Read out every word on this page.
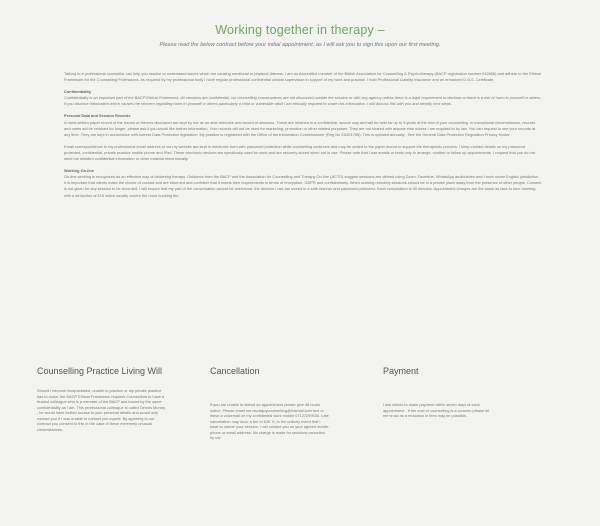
Working together in therapy –
Please read the below contract before your initial appointment, as I will ask you to sign this upon our first meeting.

Talking to a professional counsellor can help you resolve or understand issues which are causing emotional or physical distress. I am an Accredited member of the British Association for Counselling & Psychotherapy (BACP registration number 042856) and adhere to the Ethical Framework for the Counselling Professions. As required by my professional body I have regular professional confidential clinical supervision in support of my work and practice. I hold Professional Liability Insurance and an enhanced D.B.S. Certificate.

Confidentiality

Confidentiality is an important part of the BACP Ethical Framework. All sessions are confidential, our counselling conversations are not discussed outside the session or with any agency unless there is a legal requirement to disclose or there is a risk of harm to yourself or others. If you disclose information which causes me concern regarding harm to yourself or others particularly a child or vulnerable adult I am ethically required to share this information. I will discuss this with you and identify next steps.

Personal Data and Session Records

A hand-written paper record of the issues or themes discussed are kept by me as an aide-memoire and record of sessions. These are retained in a confidential, secure way and will be held for up to 5 years at the end of your counselling. In exceptional circumstances, records and notes will be retained for longer, please ask if you would like further information. Your records will not be used for marketing, promotion or other related purposes. They are not shared with anyone else unless I am required to by law. You can request to see your records at any time. They are kept in accordance with current Data Protection legislation. My practice is registered with the Office of the Information Commissioner (Reg No ZA301765). This is updated annually . See the General Data Protection Regulation Privacy Notice .

Email correspondence to my professional email address or via my website are kept in electronic form with password protection while counselling continues and may be added to the paper record to support the therapeutic process. I keep contact details on my password protected, confidential, private practice mobile phone and iPad. These electronic devices are specifically used for work and are securely stored when not in use. Please note that I use emails or texts only to arrange, confirm or follow up appointments. I request that you do not send me detailed confidential information or other material electronically.

Working On-line

On-line working is recognised as an effective way of delivering therapy. Guidance from the BACP and the Association for Counselling and Therapy On-line (ACTO) suggest sessions are offered using Zoom, Facetime, WhatsApp audio/video and I work under English jurisdiction . It is important that clients make the choice of contact and are informed and confident that it meets their requirements in terms of encryption, GDPR and confidentiality. When working remotely sessions should be in a private place away from the presence of other people. Consent is not given for any session to be recorded. I will ensure that my part of the conversation cannot be overheard, the devices I use are stored in a safe manner and password protected. Each consultation is 50 minutes. Appointment charges are the same as face to face meeting with a deduction of £15 which usually covers the room booking fee.

Counselling Practice Living Will
Should I become incapacitated, unable to practice or my private practice has to close, the BACP Ethical Framework requires Counsellors to have a trusted colleague who is a member of the BACP and bound by the same confidentiality as I am. This professional colleague is called Dennis Murray , he would have limited access to your personal details and would only contact you if I was unable to contact you myself. By agreeing to our contract you consent to this in the case of these extremely unusual circumstances.
Cancellation
If you are unable to attend an appointment please give 48 hours notice. Please email me.nicolajoycounselling@hotmail.com text or leave a voicemail on my confidential work mobile 07127299030. Late cancellation may incur a fee of £30. If, in the unlikely event that I have to cancel your session, I will contact you on your agreed mobile phone or email address. No charge is made for sessions cancelled by me.
Payment
I ask clients to make payment within seven days of each appointment . If the cost of counselling is a concern please let me know as a reduction in fees may be possible.
